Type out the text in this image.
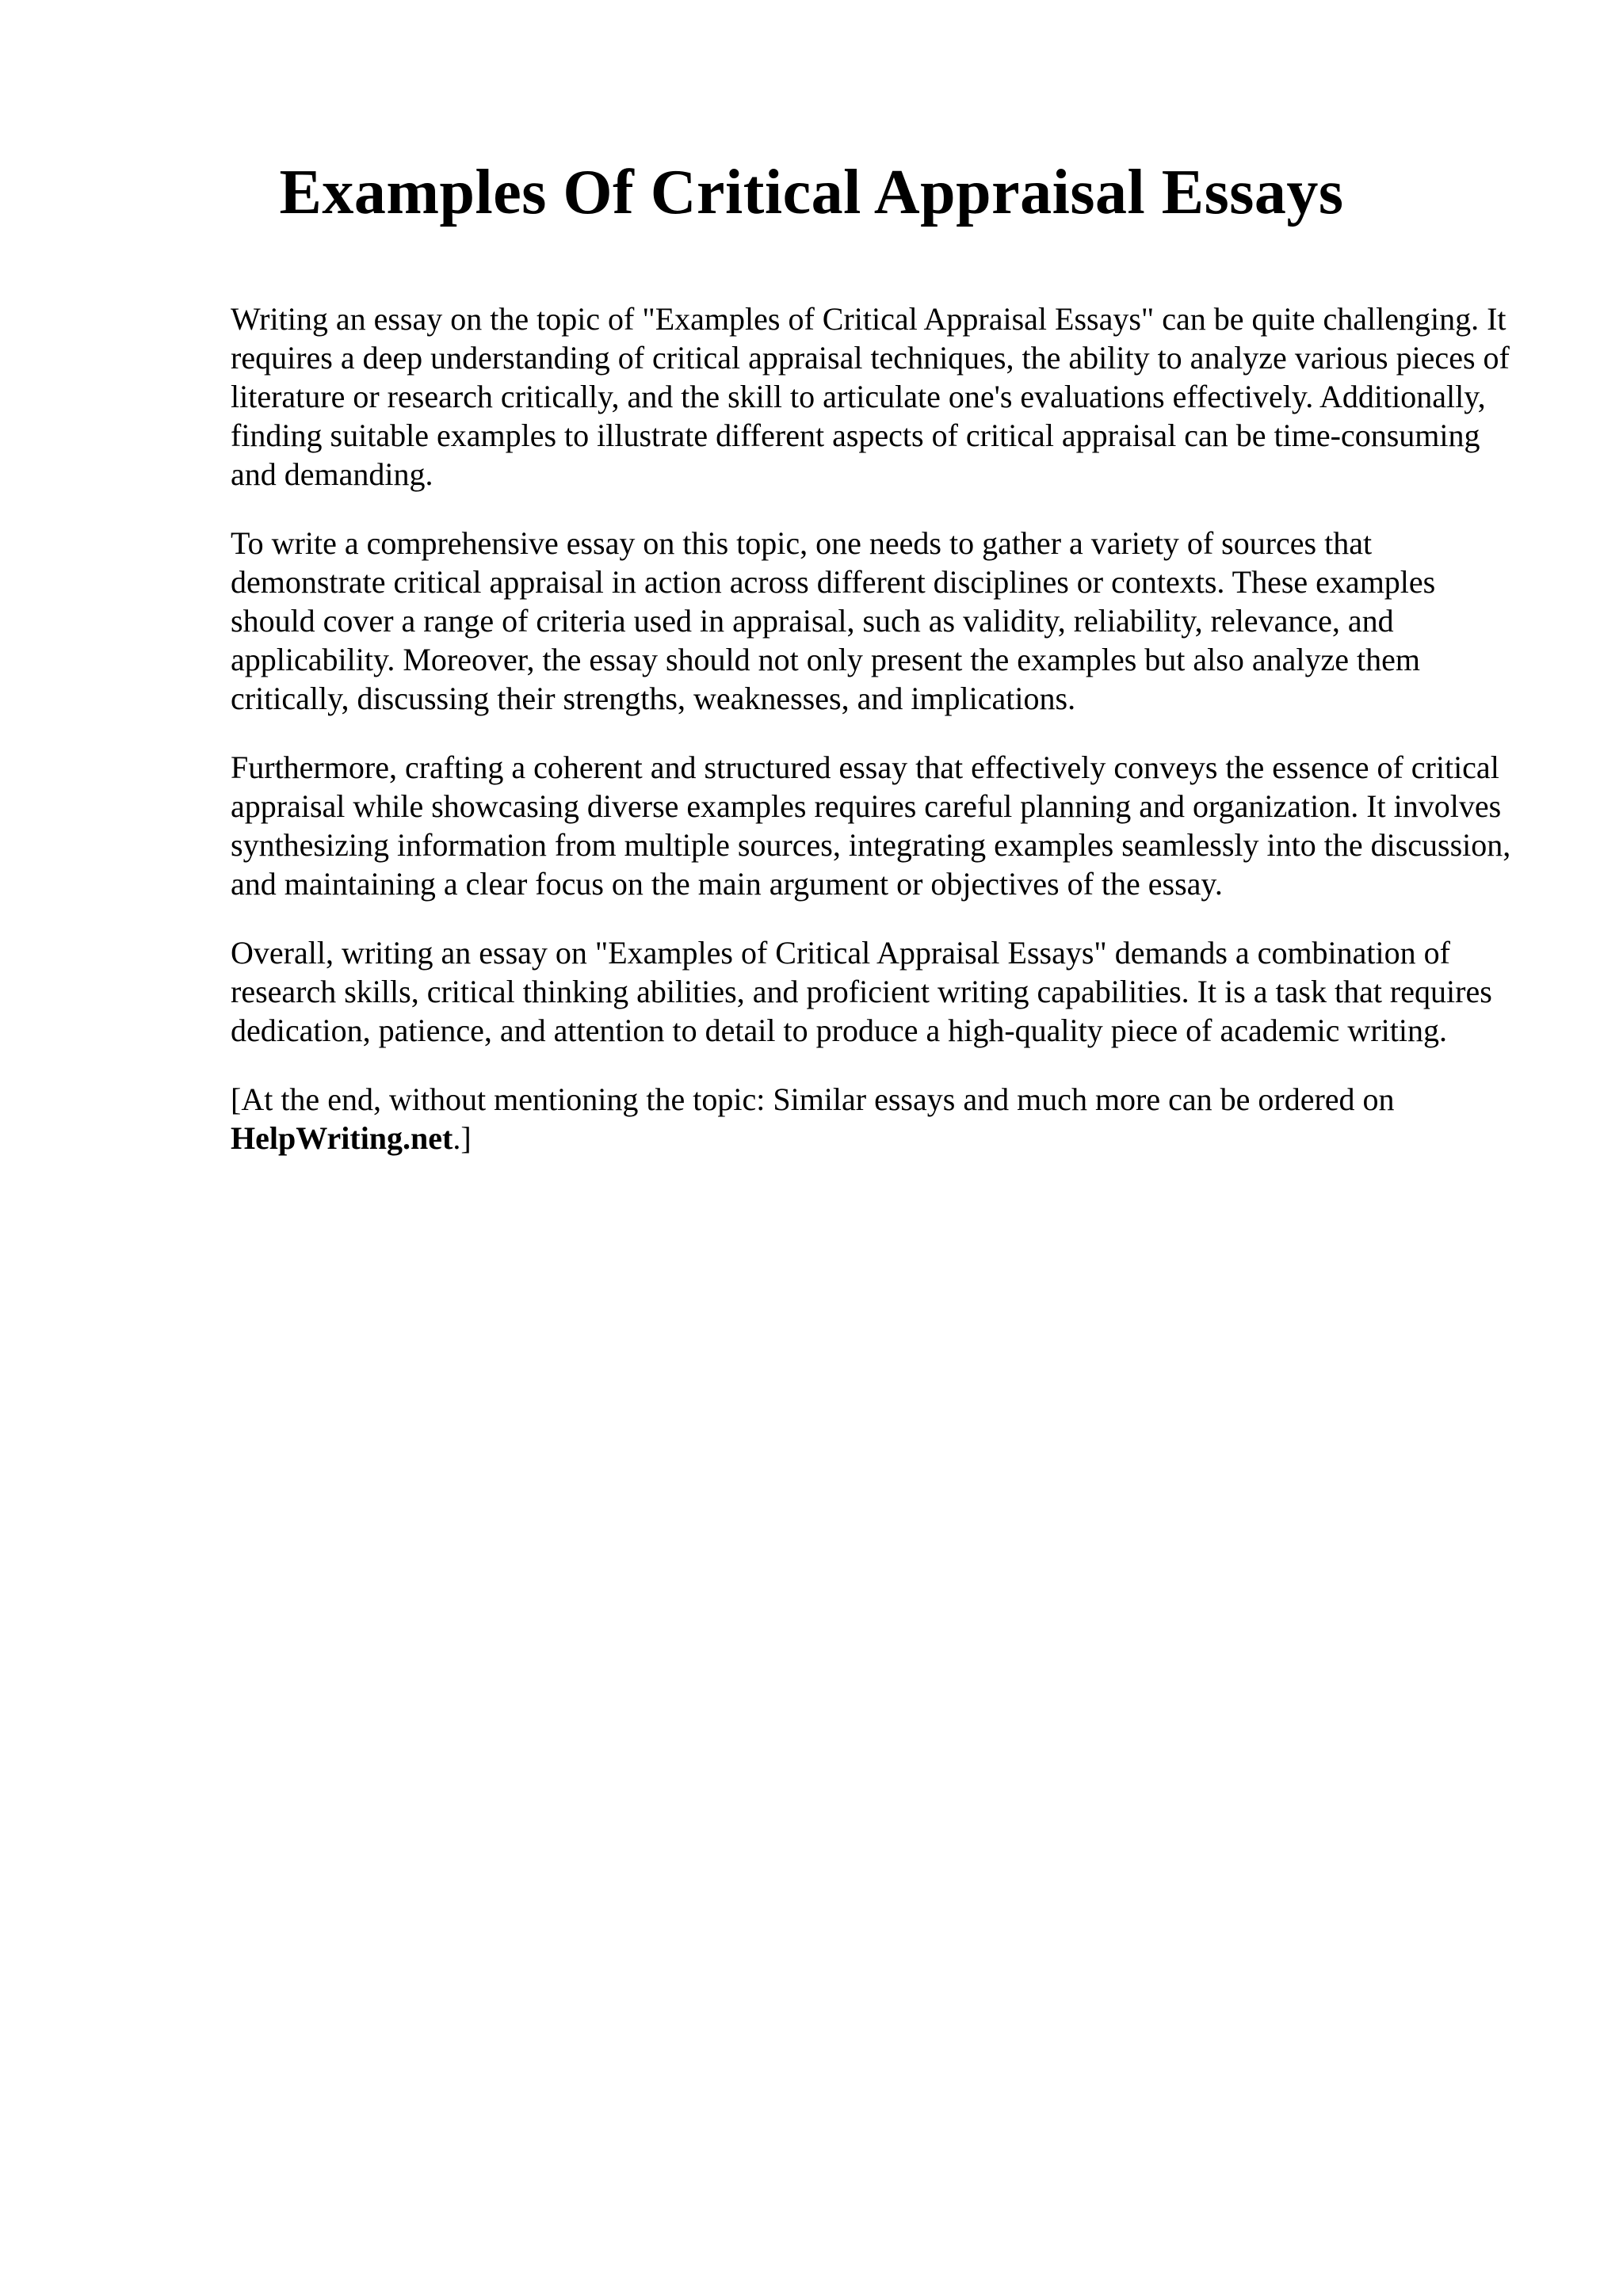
Examples Of Critical Appraisal Essays

Writing an essay on the topic of "Examples of Critical Appraisal Essays" can be quite challenging. It requires a deep understanding of critical appraisal techniques, the ability to analyze various pieces of literature or research critically, and the skill to articulate one's evaluations effectively. Additionally, finding suitable examples to illustrate different aspects of critical appraisal can be time-consuming and demanding.

To write a comprehensive essay on this topic, one needs to gather a variety of sources that demonstrate critical appraisal in action across different disciplines or contexts. These examples should cover a range of criteria used in appraisal, such as validity, reliability, relevance, and applicability. Moreover, the essay should not only present the examples but also analyze them critically, discussing their strengths, weaknesses, and implications.

Furthermore, crafting a coherent and structured essay that effectively conveys the essence of critical appraisal while showcasing diverse examples requires careful planning and organization. It involves synthesizing information from multiple sources, integrating examples seamlessly into the discussion, and maintaining a clear focus on the main argument or objectives of the essay.

Overall, writing an essay on "Examples of Critical Appraisal Essays" demands a combination of research skills, critical thinking abilities, and proficient writing capabilities. It is a task that requires dedication, patience, and attention to detail to produce a high-quality piece of academic writing.

[At the end, without mentioning the topic: Similar essays and much more can be ordered on HelpWriting.net.]
